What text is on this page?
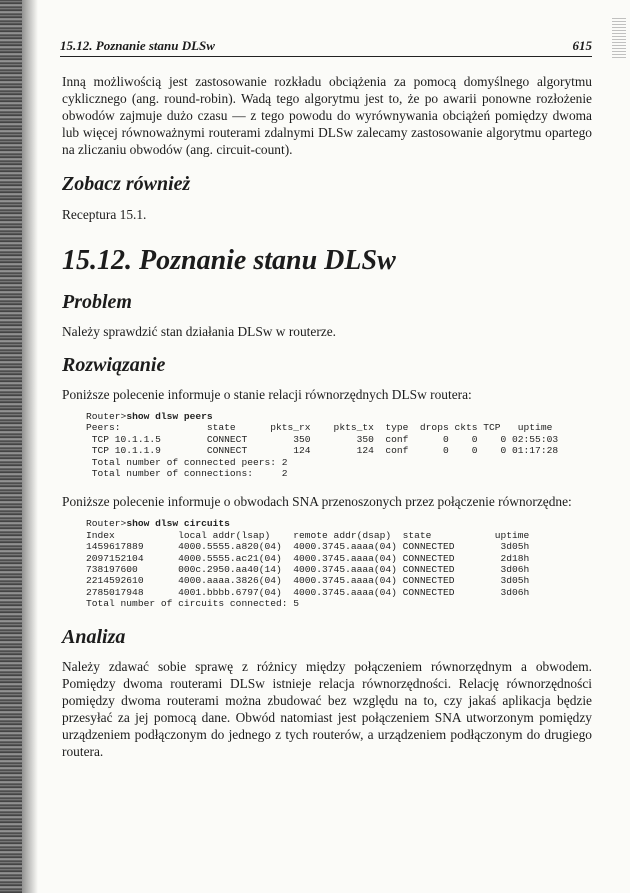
15.12. Poznanie stanu DLSw	615

Inną możliwością jest zastosowanie rozkładu obciążenia za pomocą domyślnego algorytmu cyklicznego (ang. round-robin). Wadą tego algorytmu jest to, że po awarii ponowne rozłożenie obwodów zajmuje dużo czasu — z tego powodu do wyrównywania obciążeń pomiędzy dwoma lub więcej równoważnymi routerami zdalnymi DLSw zalecamy zastosowanie algorytmu opartego na zliczaniu obwodów (ang. circuit-count).

Zobacz również

Receptura 15.1.

15.12. Poznanie stanu DLSw
Problem

Należy sprawdzić stan działania DLSw w routerze.

Rozwiązanie

Poniższe polecenie informuje o stanie relacji równorzędnych DLSw routera:

Router>show dlsw peers
Peers:               state      pkts_rx    pkts_tx  type  drops ckts TCP   uptime
TCP 10.1.1.5        CONNECT        350        350  conf      0    0    0 02:55:03
TCP 10.1.1.9        CONNECT        124        124  conf      0    0    0 01:17:28
Total number of connected peers: 2
Total number of connections:     2

Poniższe polecenie informuje o obwodach SNA przenoszonych przez połączenie równorzędne:

Router>show dlsw circuits
Index           local addr(lsap)    remote addr(dsap)  state           uptime
1459617889      4000.5555.a820(04)  4000.3745.aaaa(04) CONNECTED        3d05h
2097152104      4000.5555.ac21(04)  4000.3745.aaaa(04) CONNECTED        2d18h
738197600       000c.2950.aa40(14)  4000.3745.aaaa(04) CONNECTED        3d06h
2214592610      4000.aaaa.3826(04)  4000.3745.aaaa(04) CONNECTED        3d05h
2785017948      4001.bbbb.6797(04)  4000.3745.aaaa(04) CONNECTED        3d06h
Total number of circuits connected: 5
Analiza

Należy zdawać sobie sprawę z różnicy między połączeniem równorzędnym a obwodem. Pomiędzy dwoma routerami DLSw istnieje relacja równorzędności. Relację równorzędności pomiędzy dwoma routerami można zbudować bez względu na to, czy jakaś aplikacja będzie przesyłać za jej pomocą dane. Obwód natomiast jest połączeniem SNA utworzonym pomiędzy urządzeniem podłączonym do jednego z tych routerów, a urządzeniem podłączonym do drugiego routera.
